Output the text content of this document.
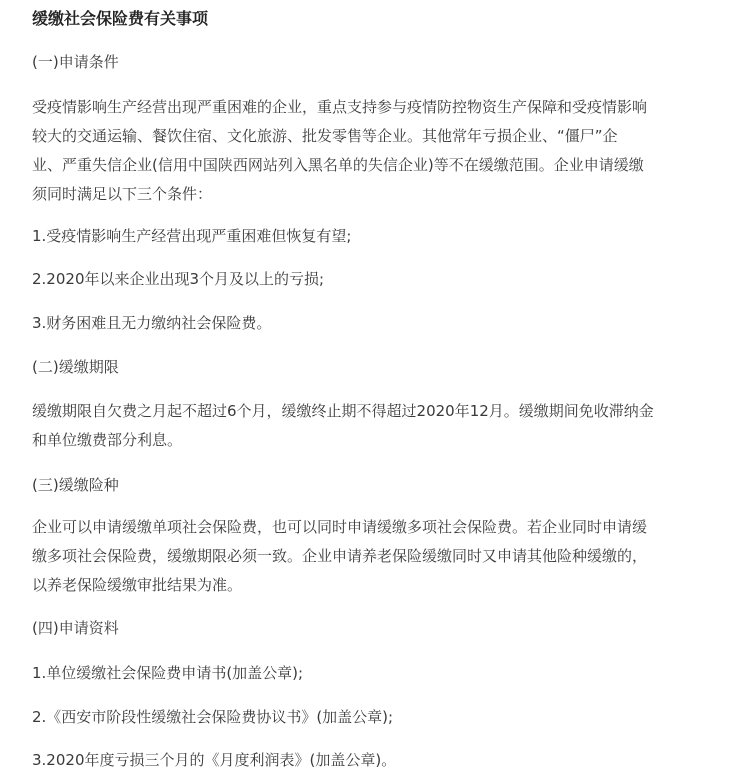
缓缴社会保险费有关事项

(一)申请条件

受疫情影响生产经营出现严重困难的企业，重点支持参与疫情防控物资生产保障和受疫情影响
较大的交通运输、餐饮住宿、文化旅游、批发零售等企业。其他常年亏损企业、“僵尸”企
业、严重失信企业(信用中国陕西网站列入黑名单的失信企业)等不在缓缴范围。企业申请缓缴
须同时满足以下三个条件：

1.受疫情影响生产经营出现严重困难但恢复有望;

2.2020年以来企业出现3个月及以上的亏损;

3.财务困难且无力缴纳社会保险费。

(二)缓缴期限

缓缴期限自欠费之月起不超过6个月，缓缴终止期不得超过2020年12月。缓缴期间免收滞纳金
和单位缴费部分利息。

(三)缓缴险种

企业可以申请缓缴单项社会保险费，也可以同时申请缓缴多项社会保险费。若企业同时申请缓
缴多项社会保险费，缓缴期限必须一致。企业申请养老保险缓缴同时又申请其他险种缓缴的，
以养老保险缓缴审批结果为准。

(四)申请资料

1.单位缓缴社会保险费申请书(加盖公章);

2.《西安市阶段性缓缴社会保险费协议书》(加盖公章);

3.2020年度亏损三个月的《月度利润表》(加盖公章)。
